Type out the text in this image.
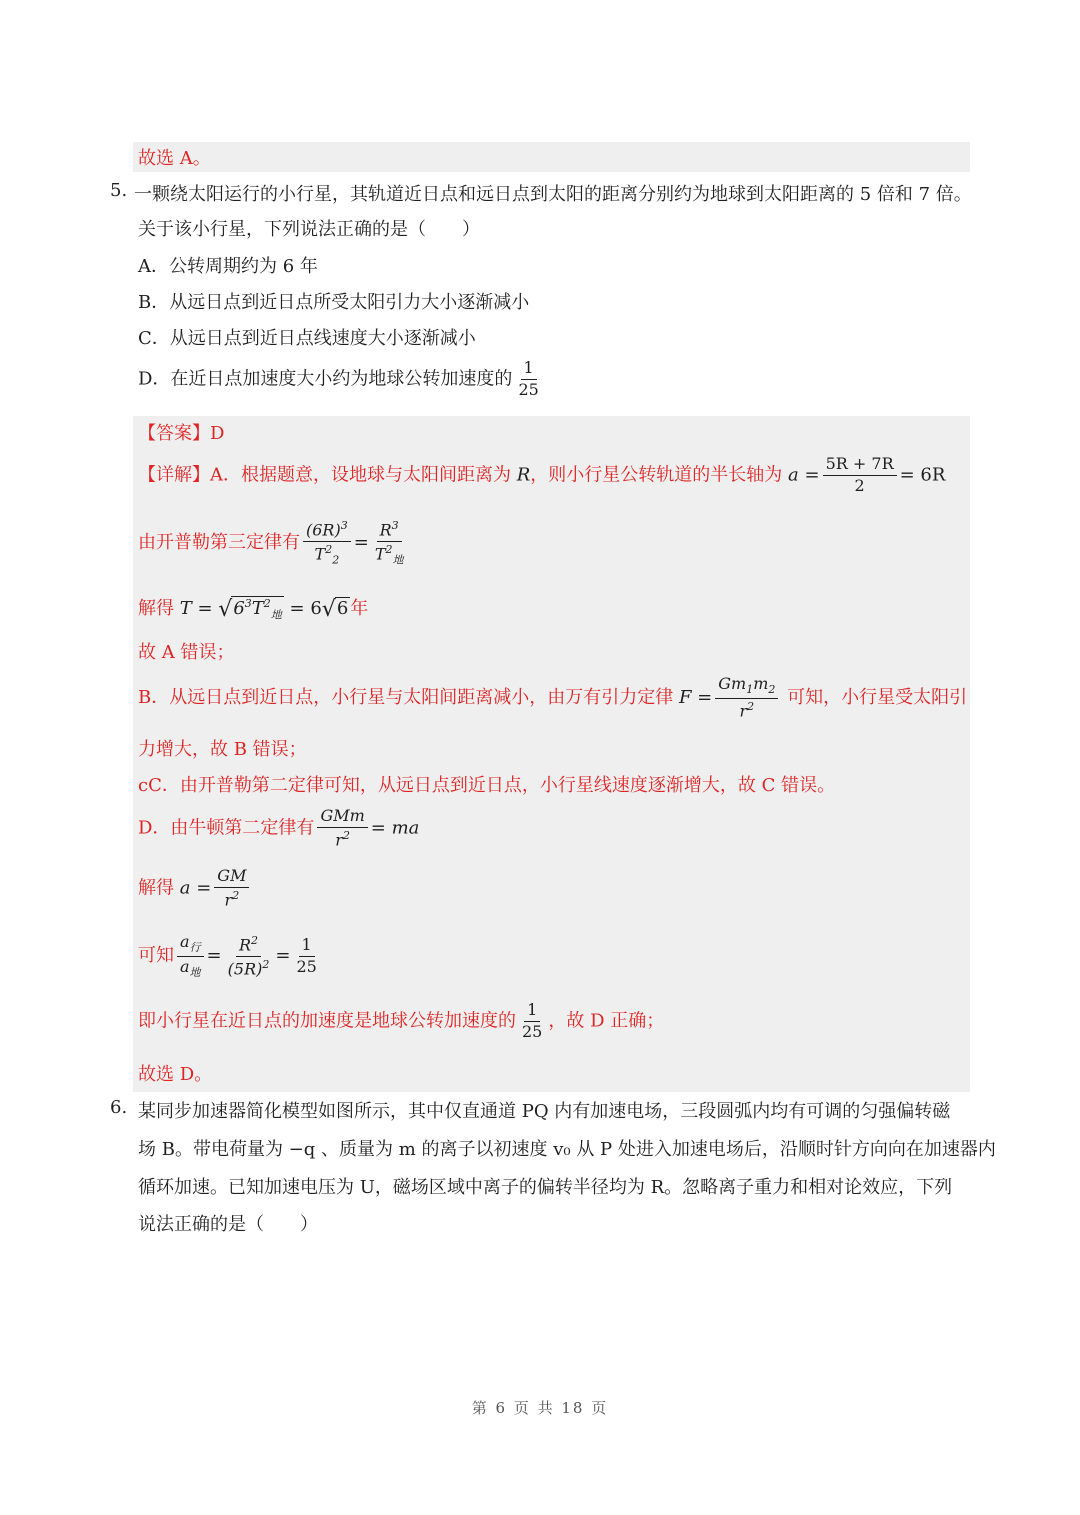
故选 A。
5. 一颗绕太阳运行的小行星，其轨道近日点和远日点到太阳的距离分别约为地球到太阳距离的 5 倍和 7 倍。
关于该小行星，下列说法正确的是（　　）
A．公转周期约为 6 年
B．从远日点到近日点所受太阳引力大小逐渐减小
C．从远日点到近日点线速度大小逐渐减小
D．在近日点加速度大小约为地球公转加速度的 $\frac{1}{25}$
【答案】D
【详解】A．根据题意，设地球与太阳间距离为 R，则小行星公转轨道的半长轴为 $a = \frac{5R + 7R}{2} = 6R$
由开普勒第三定律有 $\frac{(6R)^3}{T^2_2} = \frac{R^3}{T^2_地}$
解得 $T = √6^3T^2_地 = 6√6$ 年
故 A 错误；
B．从远日点到近日点，小行星与太阳间距离减小，由万有引力定律 $F = \frac{Gm_1m_2}{r^2}$ 可知，小行星受太阳引
力增大，故 B 错误；
cC．由开普勒第二定律可知，从远日点到近日点，小行星线速度逐渐增大，故 C 错误。
D．由牛顿第二定律有 $\frac{\text{GMm}}{r^2}$ = ma
解得 $a = \frac{GM}{r^2}$
可知 $\frac{a_行}{a_地} = \frac{R^2}{(5R)^2} = \frac{1}{25}$
即小行星在近日点的加速度是地球公转加速度的 $\frac{1}{25}$ ，故 D 正确；
故选 D。
6. 某同步加速器简化模型如图所示，其中仅直通道 PQ 内有加速电场，三段圆弧内均有可调的匀强偏转磁
场 B。带电荷量为 −q 、质量为 m 的离子以初速度 v₀ 从 P 处进入加速电场后，沿顺时针方向向在加速器内
循环加速。已知加速电压为 U，磁场区域中离子的偏转半径均为 R。忽略离子重力和相对论效应，下列
说法正确的是（　　）
第 6 页 共 18 页
